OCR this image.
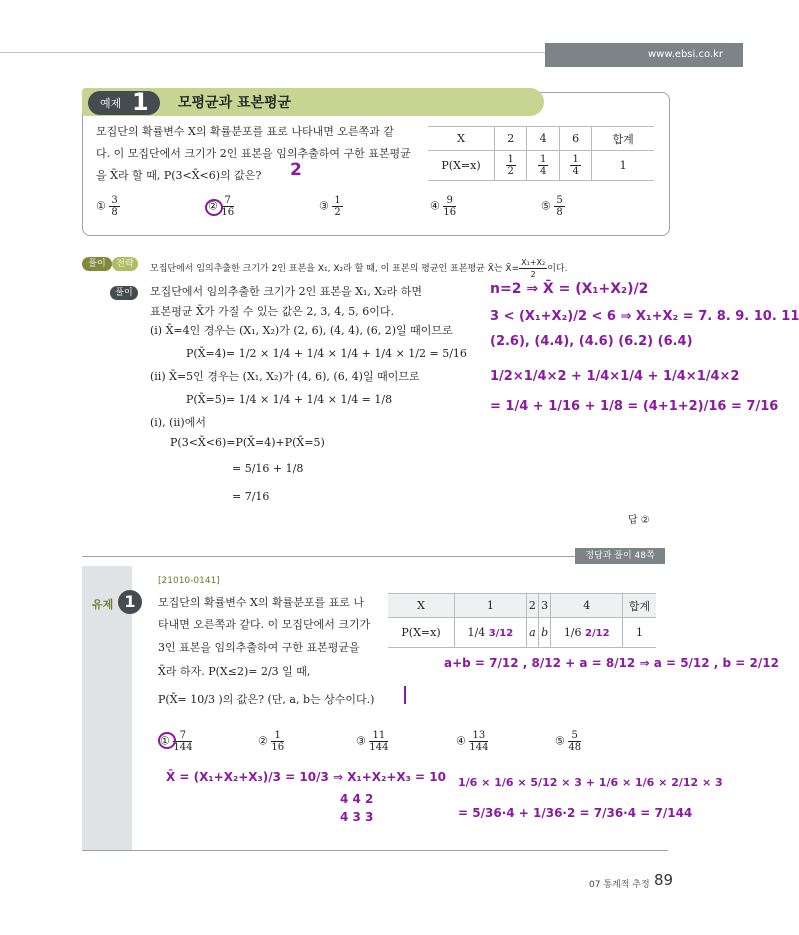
www.ebsi.co.kr
예제 1 모평균과 표본평균
모집단의 확률변수 X의 확률분포를 표로 나타내면 오른쪽과 같
다. 이 모집단에서 크기가 2인 표본을 임의추출하여 구한 표본평균
을 X̄라 할 때, P(3<X̄<6)의 값은? 2
X	2	4	6	합계
P(X=x)	$\frac{1}{2}$	$\frac{1}{4}$	$\frac{1}{4}$	1
① $\frac{3}{8}$	② $\frac{7}{16}$	③ $\frac{1}{2}$	④ $\frac{9}{16}$	⑤ $\frac{5}{8}$
풀이	전략	모집단에서 임의추출한 크기가 2인 표본을 X₁, X₂라 할 때, 이 표본의 평균인 표본평균 X̄는 X̄= $\frac{\text{X₁+X₂}}{2}$ 이다.
풀이	모집단에서 임의추출한 크기가 2인 표본을 X₁, X₂라 하면
표본평균 X̄가 가질 수 있는 값은 2, 3, 4, 5, 6이다.
(i) X̄=4인 경우는 (X₁, X₂)가 (2, 6), (4, 4), (6, 2)일 때이므로
P(X̄=4)= 1/2 × 1/4 + 1/4 × 1/4 + 1/4 × 1/2 = 5/16
(ii) X̄=5인 경우는 (X₁, X₂)가 (4, 6), (6, 4)일 때이므로
P(X̄=5)= 1/4 × 1/4 + 1/4 × 1/4 = 1/8
(i), (ii)에서
P(3<X̄<6)=P(X̄=4)+P(X̄=5)
= 5/16 + 1/8
= 7/16
답 ②
n=2 ⇒ X̄ = (X₁+X₂)/2
3 < (X₁+X₂)/2 < 6 ⇒ X₁+X₂ = 7. 8. 9. 10. 11
(2.6), (4.4), (4.6) (6.2) (6.4)
1/2×1/4×2 + 1/4×1/4 + 1/4×1/4×2
= 1/4 + 1/16 + 1/8 = (4+1+2)/16 = 7/16
정답과 풀이 48쪽
[21010-0141]
유제 1	모집단의 확률변수 X의 확률분포를 표로 나
타내면 오른쪽과 같다. 이 모집단에서 크기가
3인 표본을 임의추출하여 구한 표본평균을
X̄라 하자. P(X≤2)= 2/3 일 때,
P(X̄= 10/3 )의 값은? (단, a, b는 상수이다.)
X	1	2	3	4	합계
P(X=x)	1/4 3/12	a	b	1/6 2/12	1
a+b = 7/12 , 8/12 + a = 8/12 ⇒ a = 5/12 , b = 2/12
① $\frac{7}{144}$	② $\frac{1}{16}$	③ $\frac{11}{144}$	④ $\frac{13}{144}$	⑤ $\frac{5}{48}$
X̄ = (X₁+X₂+X₃)/3 = 10/3 ⇒ X₁+X₂+X₃ = 10
4 4 2
4 3 3
1/6 × 1/6 × 5/12 × 3 + 1/6 × 1/6 × 2/12 × 3
= 5/36·4 + 1/36·2 = 7/36·4 = 7/144
07 통계적 추정 89
